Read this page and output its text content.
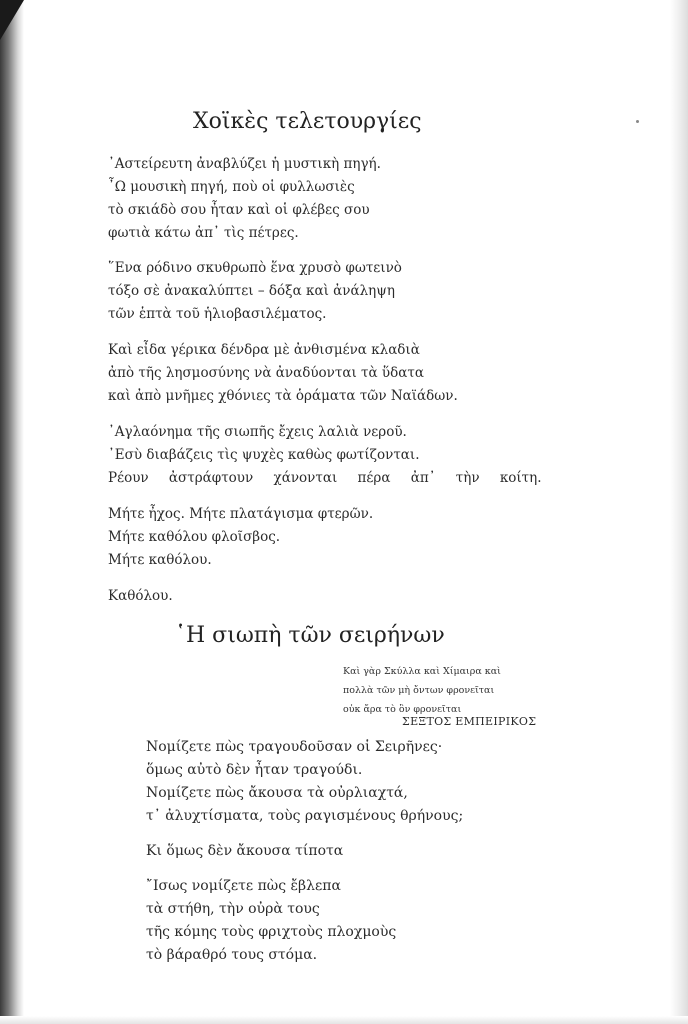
Χοϊκὲς τελετουργίες
᾿Αστείρευτη ἀναβλύζει ἡ μυστικὴ πηγή.
῏Ω μουσικὴ πηγή, ποὺ οἱ φυλλωσιὲς
τὸ σκιάδὸ σου ἦταν καὶ οἱ φλέβες σου
φωτιὰ κάτω ἀπ᾿ τὶς πέτρες.
῞Ενα ρόδινο σκυθρωπὸ ἕνα χρυσὸ φωτεινὸ
τόξο σὲ ἀνακαλύπτει – δόξα καὶ ἀνάληψη
τῶν ἑπτὰ τοῦ ἡλιοβασιλέματος.
Καὶ εἶδα γέρικα δένδρα μὲ ἀνθισμένα κλαδιὰ
ἀπὸ τῆς λησμοσύνης νὰ ἀναδύονται τὰ ὕδατα
καὶ ἀπὸ μνῆμες χθόνιες τὰ ὁράματα τῶν Ναϊάδων.
᾿Αγλαόνημα τῆς σιωπῆς ἔχεις λαλιὰ νεροῦ.
᾿Εσὺ διαβάζεις τὶς ψυχὲς καθὼς φωτίζονται.
Ρέουν ἀστράφτουν χάνονται πέρα ἀπ᾿ τὴν κοίτη.
Μήτε ἦχος. Μήτε πλατάγισμα φτερῶν.
Μήτε καθόλου φλοῖσβος.
Μήτε καθόλου.
Καθόλου.
῾Η σιωπὴ τῶν σειρήνων
Καὶ γὰρ Σκύλλα καὶ Χίμαιρα καὶ
πολλὰ τῶν μὴ ὄντων φρονεῖται
οὐκ ἄρα τὸ ὂν φρονεῖται
ΣΕΞΤΟΣ ΕΜΠΕΙΡΙΚΟΣ
Νομίζετε πὼς τραγουδοῦσαν οἱ Σειρῆνες·
ὅμως αὐτὸ δὲν ἦταν τραγούδι.
Νομίζετε πὼς ἄκουσα τὰ οὐρλιαχτά,
τ᾿ ἀλυχτίσματα, τοὺς ραγισμένους θρήνους;
Κι ὅμως δὲν ἄκουσα τίποτα
῎Ισως νομίζετε πὼς ἔβλεπα
τὰ στήθη, τὴν οὐρὰ τους
τῆς κόμης τοὺς φριχτοὺς πλοχμοὺς
τὸ βάραθρό τους στόμα.
